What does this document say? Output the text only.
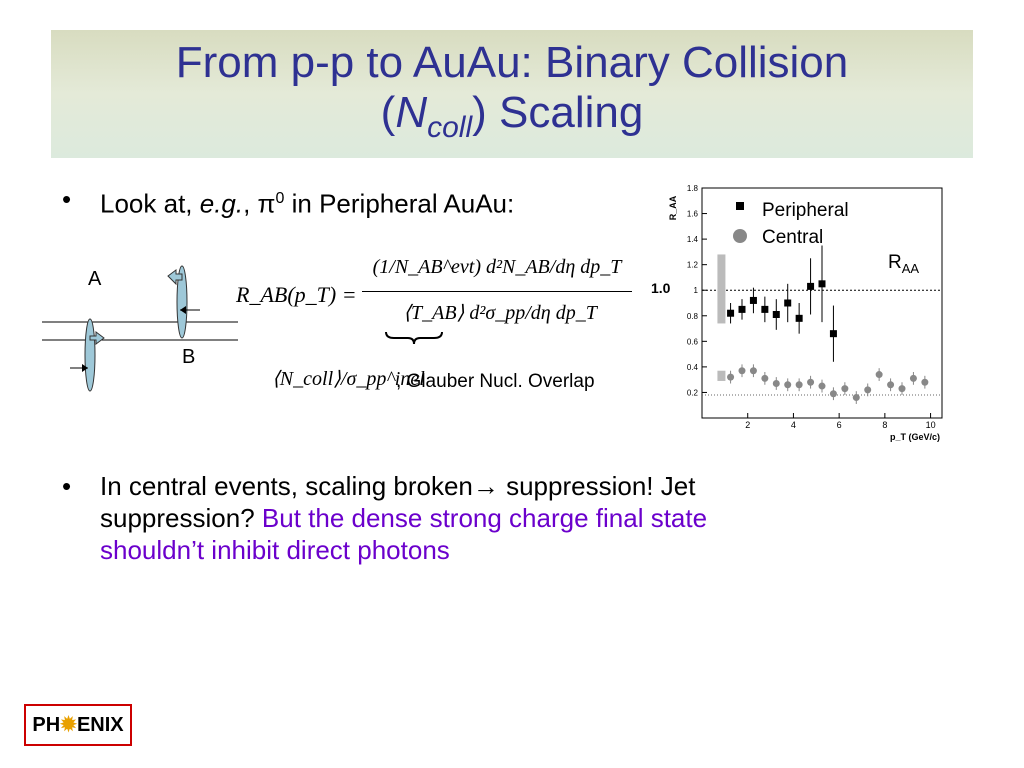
From p-p to AuAu: Binary Collision
$(N_{coll})$ Scaling
• Look at, e.g., $\pi^0$ in Peripheral AuAu:
A
B
R_AB(p_T) =
(1/N_AB^evt) d²N_AB/dη dp_T
⟨T_AB⟩ d²σ_pp/dη dp_T
⟨N_coll⟩/σ_pp^inel
, Glauber Nucl. Overlap
1.0
0.2
0.4
0.6
0.8
1
1.2
1.4
1.6
1.8
2	4	6	8	10
p_T (GeV/c)
R_AA	Peripheral
Central
$R_{AA}$
• In central events, scaling broken→ suppression! Jet
suppression? But the dense strong charge final state
shouldn’t inhibit direct photons
PH✹ENIX
